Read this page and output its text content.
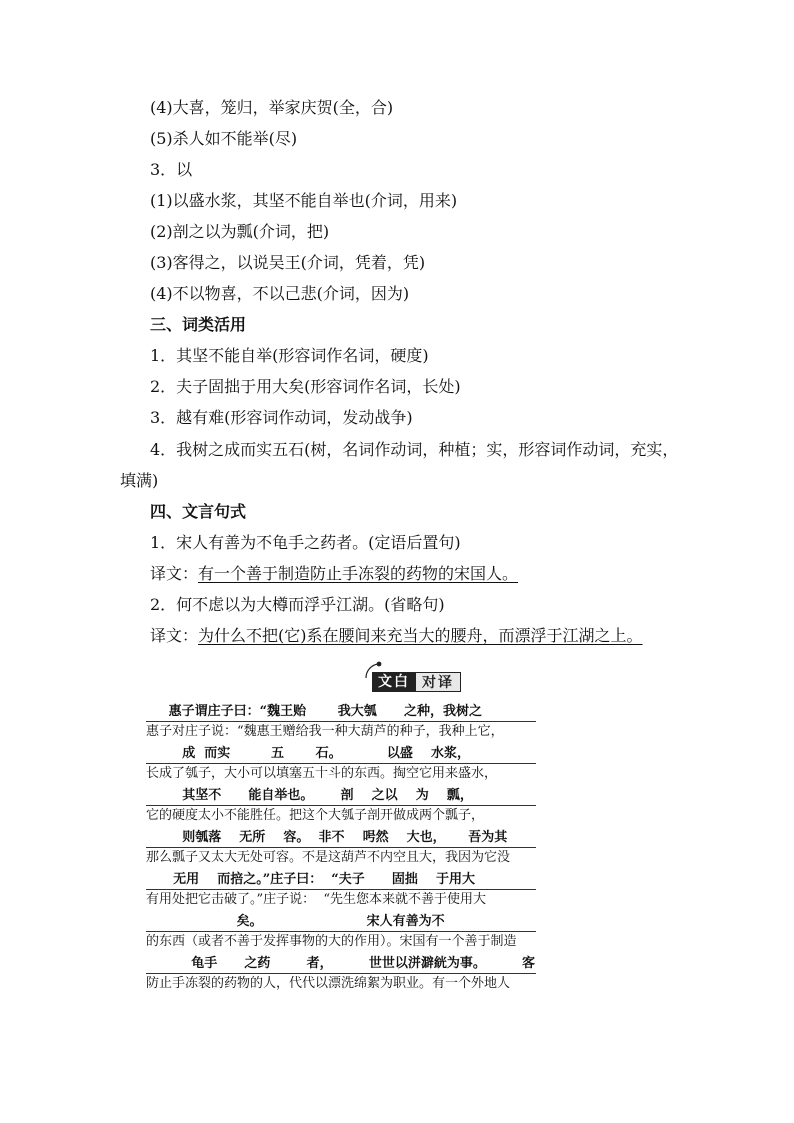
(4)大喜，笼归，举家庆贺(全，合)
(5)杀人如不能举(尽)
3．以
(1)以盛水浆，其坚不能自举也(介词，用来)
(2)剖之以为瓢(介词，把)
(3)客得之，以说吴王(介词，凭着，凭)
(4)不以物喜，不以己悲(介词，因为)
三、词类活用
1．其坚不能自举(形容词作名词，硬度)
2．夫子固拙于用大矣(形容词作名词，长处)
3．越有难(形容词作动词，发动战争)
4．我树之成而实五石(树，名词作动词，种植；实，形容词作动词，充实，
填满)
四、文言句式
1．宋人有善为不龟手之药者。(定语后置句)
译文：有一个善于制造防止手冻裂的药物的宋国人。
2．何不虑以为大樽而浮乎江湖。(省略句)
译文：为什么不把(它)系在腰间来充当大的腰舟，而漂浮于江湖之上。
文白 对译
惠子谓庄子曰：“魏王贻       我大瓠      之种，我树之
惠子对庄子说：“魏惠王赠给我一种大葫芦的种子，我种上它，
成  而实         五       石。          以盛    水浆，
长成了瓠子，大小可以填塞五十斗的东西。掏空它用来盛水，
其坚不      能自举也。      剖    之以    为    瓢，
它的硬度太小不能胜任。把这个大瓠子剖开做成两个瓢子，
则瓠落    无所    容。  非不    呺然    大也，     吾为其
那么瓢子又太大无处可容。不是这葫芦不内空且大，我因为它没
无用    而掊之。”庄子曰：  “夫子      固拙    于用大
有用处把它击破了。”庄子说：  “先生您本来就不善于使用大
矣。                       宋人有善为不
的东西（或者不善于发挥事物的大的作用）。宋国有一个善于制造
龟手      之药        者，        世世以洴澼絖为事。        客
防止手冻裂的药物的人，代代以漂洗绵絮为职业。有一个外地人
